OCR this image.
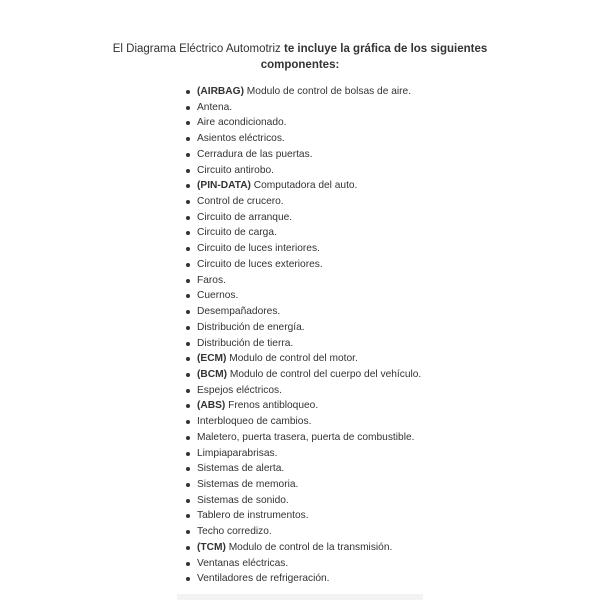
El Diagrama Eléctrico Automotriz te incluye la gráfica de los siguientes componentes:
(AIRBAG) Modulo de control de bolsas de aire.
Antena.
Aire acondicionado.
Asientos eléctricos.
Cerradura de las puertas.
Circuito antirobo.
(PIN-DATA) Computadora del auto.
Control de crucero.
Circuito de arranque.
Circuito de carga.
Circuito de luces interiores.
Circuito de luces exteriores.
Faros.
Cuernos.
Desempañadores.
Distribución de energía.
Distribución de tierra.
(ECM) Modulo de control del motor.
(BCM) Modulo de control del cuerpo del vehículo.
Espejos eléctricos.
(ABS) Frenos antibloqueo.
Interbloqueo de cambios.
Maletero, puerta trasera, puerta de combustible.
Limpiaparabrisas.
Sistemas de alerta.
Sistemas de memoria.
Sistemas de sonido.
Tablero de instrumentos.
Techo corredizo.
(TCM) Modulo de control de la transmisión.
Ventanas eléctricas.
Ventiladores de refrigeración.
